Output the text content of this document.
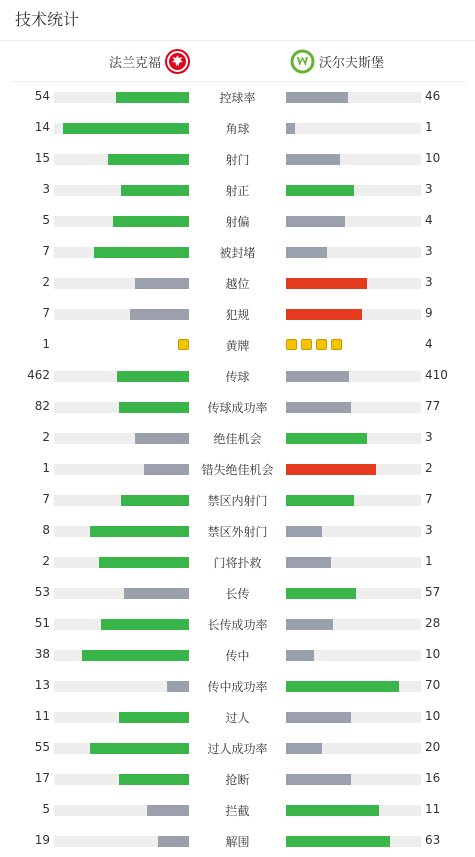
技术统计
法兰克福	沃尔夫斯堡
54	控球率	46
14	角球	1
15	射门	10
3	射正	3
5	射偏	4
7	被封堵	3
2	越位	3
7	犯规	9
1	黄牌	4
462	传球	410
82	传球成功率	77
2	绝佳机会	3
1	错失绝佳机会	2
7	禁区内射门	7
8	禁区外射门	3
2	门将扑救	1
53	长传	57
51	长传成功率	28
38	传中	10
13	传中成功率	70
11	过人	10
55	过人成功率	20
17	抢断	16
5	拦截	11
19	解围	63
